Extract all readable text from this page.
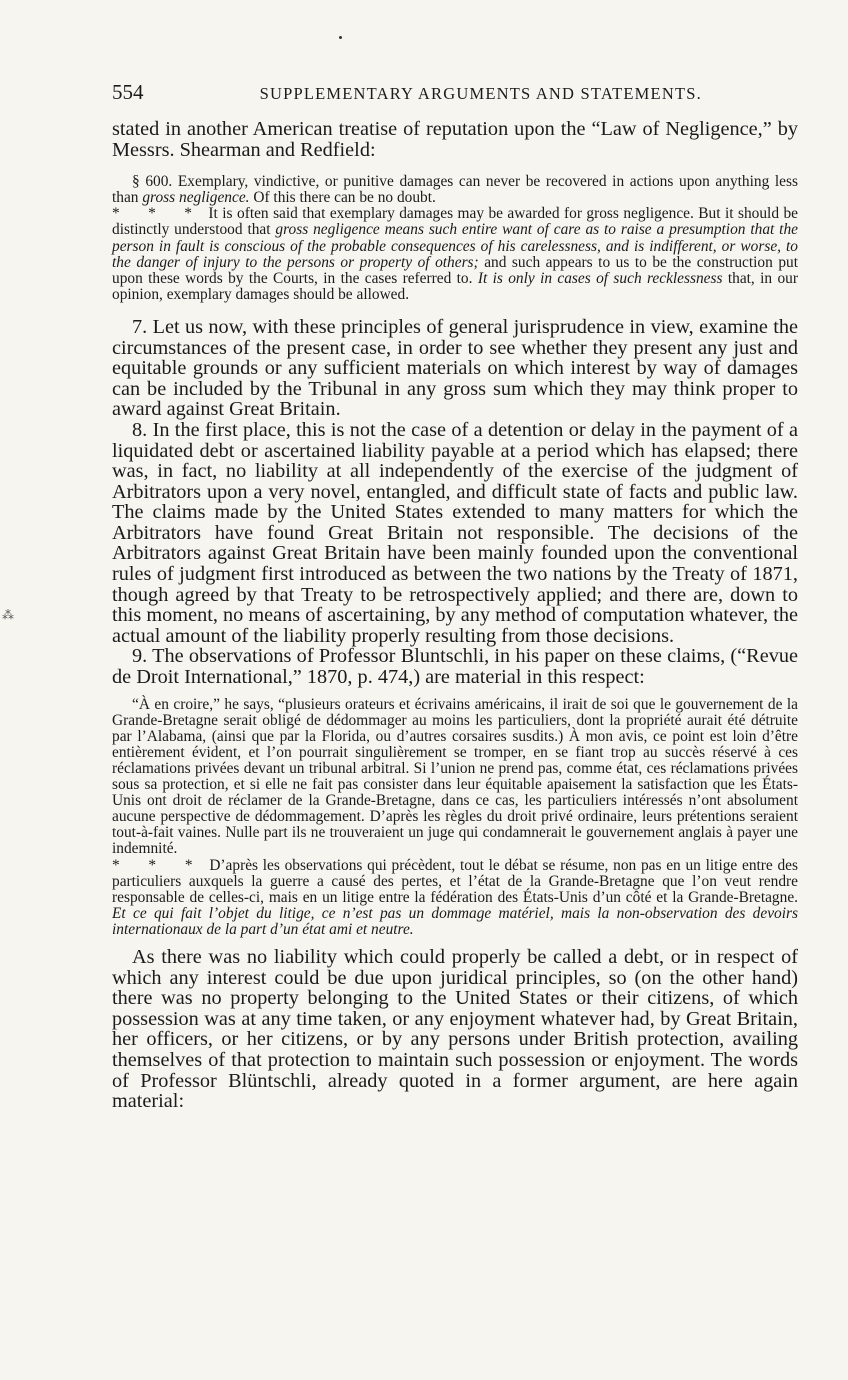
⁂
554	SUPPLEMENTARY ARGUMENTS AND STATEMENTS.

stated in another American treatise of reputation upon the “Law of Negligence,” by Messrs. Shearman and Redfield:

§ 600. Exemplary, vindictive, or punitive damages can never be recovered in actions upon anything less than gross negligence. Of this there can be no doubt.
* * * It is often said that exemplary damages may be awarded for gross negligence. But it should be distinctly understood that gross negligence means such entire want of care as to raise a presumption that the person in fault is conscious of the probable consequences of his carelessness, and is indifferent, or worse, to the danger of injury to the persons or property of others; and such appears to us to be the construction put upon these words by the Courts, in the cases referred to. It is only in cases of such recklessness that, in our opinion, exemplary damages should be allowed.

7. Let us now, with these principles of general jurisprudence in view, examine the circumstances of the present case, in order to see whether they present any just and equitable grounds or any sufficient materials on which interest by way of damages can be included by the Tribunal in any gross sum which they may think proper to award against Great Britain.

8. In the first place, this is not the case of a detention or delay in the payment of a liquidated debt or ascertained liability payable at a period which has elapsed; there was, in fact, no liability at all independently of the exercise of the judgment of Arbitrators upon a very novel, entangled, and difficult state of facts and public law. The claims made by the United States extended to many matters for which the Arbitrators have found Great Britain not responsible. The decisions of the Arbitrators against Great Britain have been mainly founded upon the conventional rules of judgment first introduced as between the two nations by the Treaty of 1871, though agreed by that Treaty to be retrospectively applied; and there are, down to this moment, no means of ascertaining, by any method of computation whatever, the actual amount of the liability properly resulting from those decisions.

9. The observations of Professor Bluntschli, in his paper on these claims, (“Revue de Droit International,” 1870, p. 474,) are material in this respect:

“À en croire,” he says, “plusieurs orateurs et écrivains américains, il irait de soi que le gouvernement de la Grande-Bretagne serait obligé de dédommager au moins les particuliers, dont la propriété aurait été détruite par l’Alabama, (ainsi que par la Florida, ou d’autres corsaires susdits.) À mon avis, ce point est loin d’être entièrement évident, et l’on pourrait singulièrement se tromper, en se fiant trop au succès réservé à ces réclamations privées devant un tribunal arbitral. Si l’union ne prend pas, comme état, ces réclamations privées sous sa protection, et si elle ne fait pas consister dans leur équitable apaisement la satisfaction que les États-Unis ont droit de réclamer de la Grande-Bretagne, dans ce cas, les particuliers intéressés n’ont absolument aucune perspective de dédommagement. D’après les règles du droit privé ordinaire, leurs prétentions seraient tout-à-fait vaines. Nulle part ils ne trouveraient un juge qui condamnerait le gouvernement anglais à payer une indemnité.
* * * D’après les observations qui précèdent, tout le débat se résume, non pas en un litige entre des particuliers auxquels la guerre a causé des pertes, et l’état de la Grande-Bretagne que l’on veut rendre responsable de celles-ci, mais en un litige entre la fédération des États-Unis d’un côté et la Grande-Bretagne. Et ce qui fait l’objet du litige, ce n’est pas un dommage matériel, mais la non-observation des devoirs internationaux de la part d’un état ami et neutre.

As there was no liability which could properly be called a debt, or in respect of which any interest could be due upon juridical principles, so (on the other hand) there was no property belonging to the United States or their citizens, of which possession was at any time taken, or any enjoyment whatever had, by Great Britain, her officers, or her citizens, or by any persons under British protection, availing themselves of that protection to maintain such possession or enjoyment. The words of Professor Blüntschli, already quoted in a former argument, are here again material:
